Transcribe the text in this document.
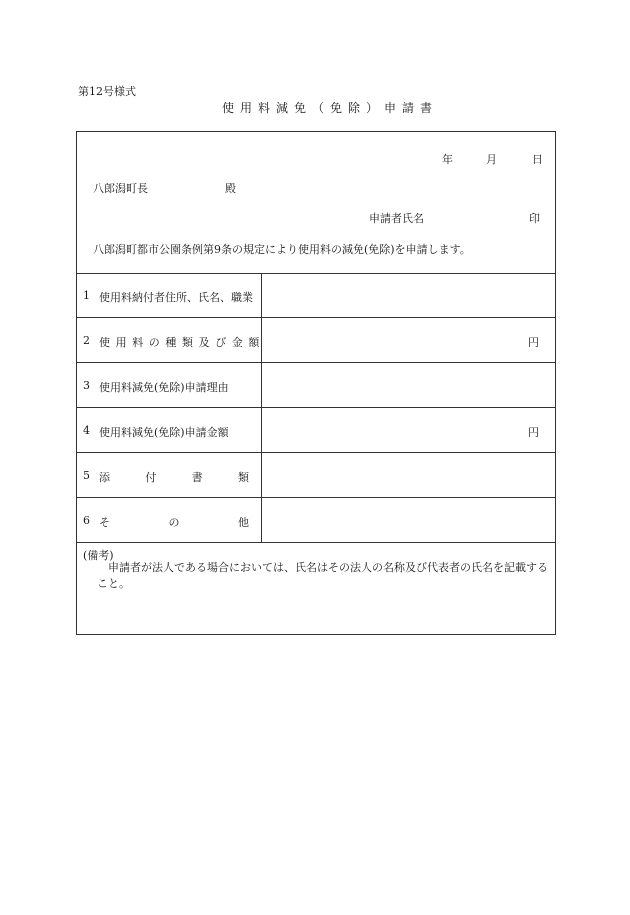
第12号様式
使用料減免（免除）申請書
年	月	日
八郎潟町長	殿
申請者氏名	印
八郎潟町都市公園条例第9条の規定により使用料の減免(免除)を申請します。
1 使用料納付者住所、氏名、職業
2 使用料の種類及び金額	円
3 使用料減免(免除)申請理由
4 使用料減免(免除)申請金額	円
5 添	付	書	類
6 そ	の	他
(備考)
申請者が法人である場合においては、氏名はその法人の名称及び代表者の氏名を記載すること。
